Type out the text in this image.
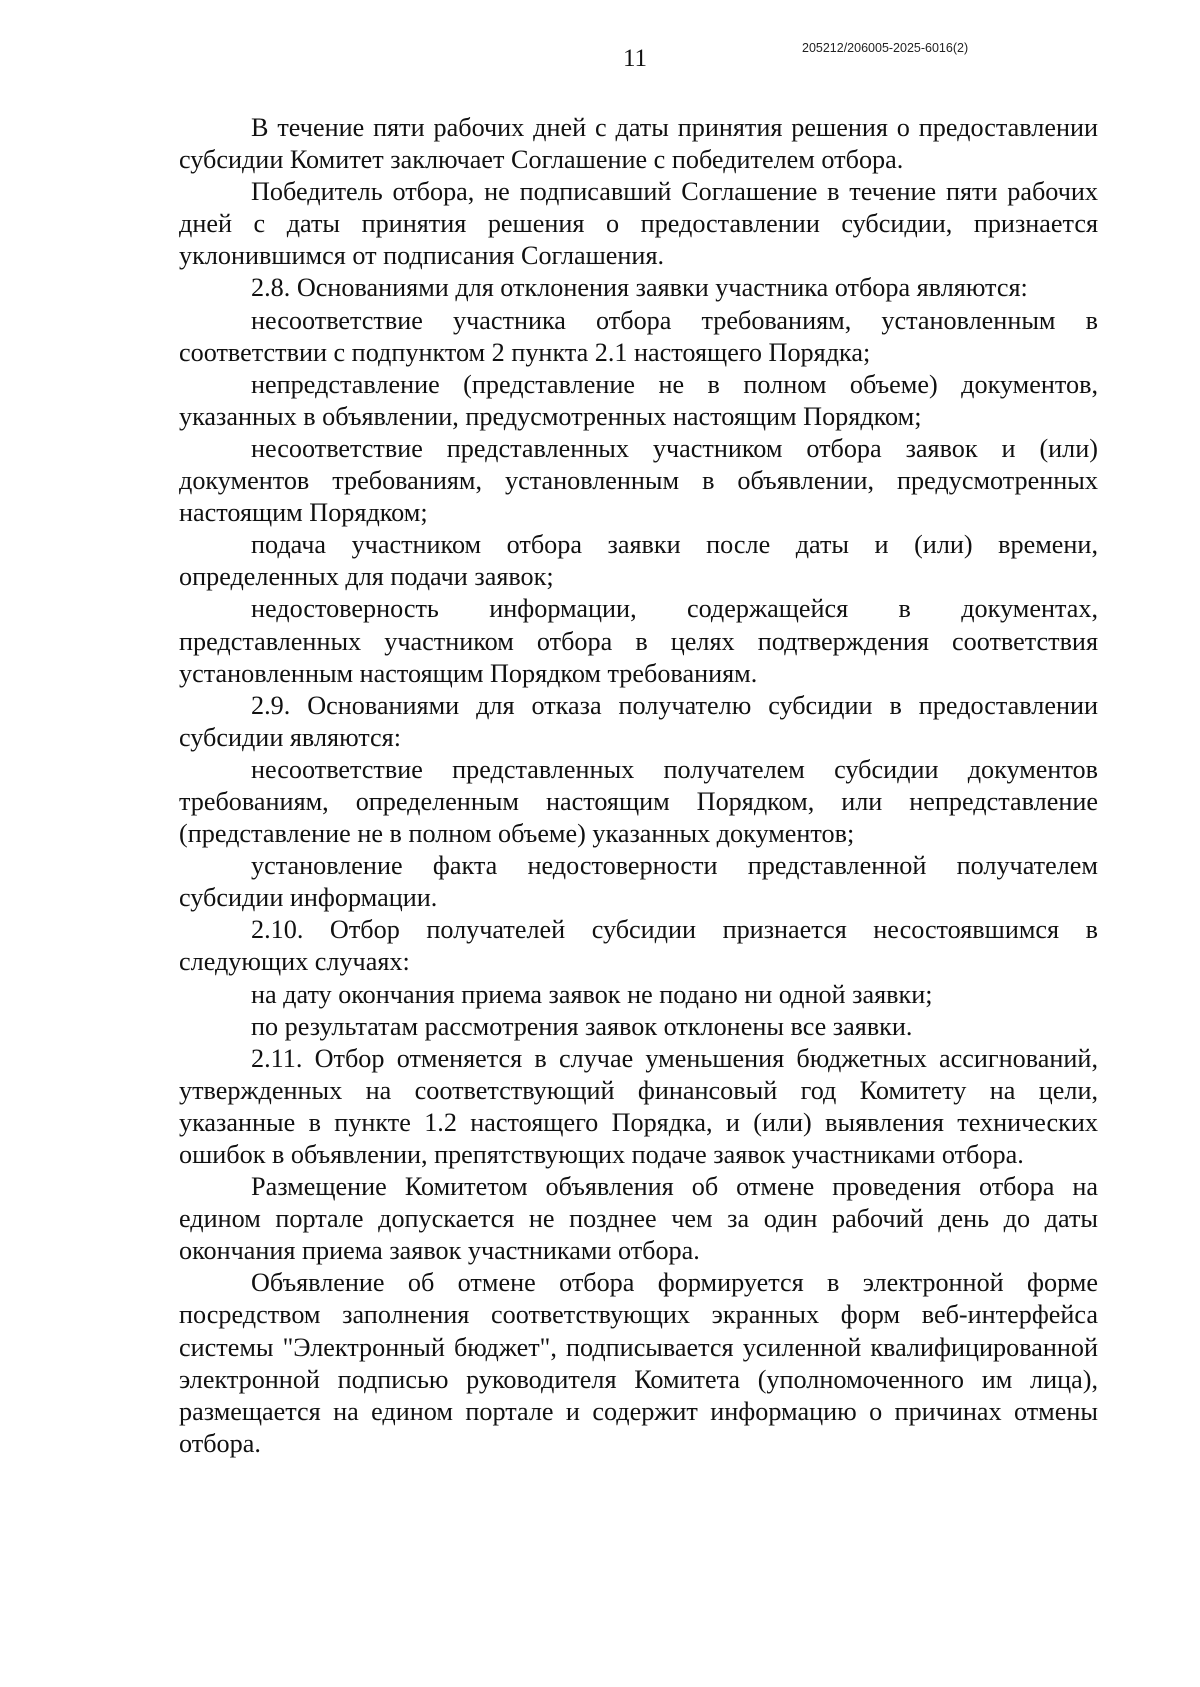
11	205212/206005-2025-6016(2)

В течение пяти рабочих дней с даты принятия решения о предоставлении субсидии Комитет заключает Соглашение с победителем отбора.

Победитель отбора, не подписавший Соглашение в течение пяти рабочих дней с даты принятия решения о предоставлении субсидии, признается уклонившимся от подписания Соглашения.

2.8. Основаниями для отклонения заявки участника отбора являются:

несоответствие участника отбора требованиям, установленным в соответствии с подпунктом 2 пункта 2.1 настоящего Порядка;

непредставление (представление не в полном объеме) документов, указанных в объявлении, предусмотренных настоящим Порядком;

несоответствие представленных участником отбора заявок и (или) документов требованиям, установленным в объявлении, предусмотренных настоящим Порядком;

подача участником отбора заявки после даты и (или) времени, определенных для подачи заявок;

недостоверность информации, содержащейся в документах, представленных участником отбора в целях подтверждения соответствия установленным настоящим Порядком требованиям.

2.9. Основаниями для отказа получателю субсидии в предоставлении субсидии являются:

несоответствие представленных получателем субсидии документов требованиям, определенным настоящим Порядком, или непредставление (представление не в полном объеме) указанных документов;

установление факта недостоверности представленной получателем субсидии информации.

2.10. Отбор получателей субсидии признается несостоявшимся в следующих случаях:

на дату окончания приема заявок не подано ни одной заявки;

по результатам рассмотрения заявок отклонены все заявки.

2.11. Отбор отменяется в случае уменьшения бюджетных ассигнований, утвержденных на соответствующий финансовый год Комитету на цели, указанные в пункте 1.2 настоящего Порядка, и (или) выявления технических ошибок в объявлении, препятствующих подаче заявок участниками отбора.

Размещение Комитетом объявления об отмене проведения отбора на едином портале допускается не позднее чем за один рабочий день до даты окончания приема заявок участниками отбора.

Объявление об отмене отбора формируется в электронной форме посредством заполнения соответствующих экранных форм веб-интерфейса системы "Электронный бюджет", подписывается усиленной квалифицированной электронной подписью руководителя Комитета (уполномоченного им лица), размещается на едином портале и содержит информацию о причинах отмены отбора.
